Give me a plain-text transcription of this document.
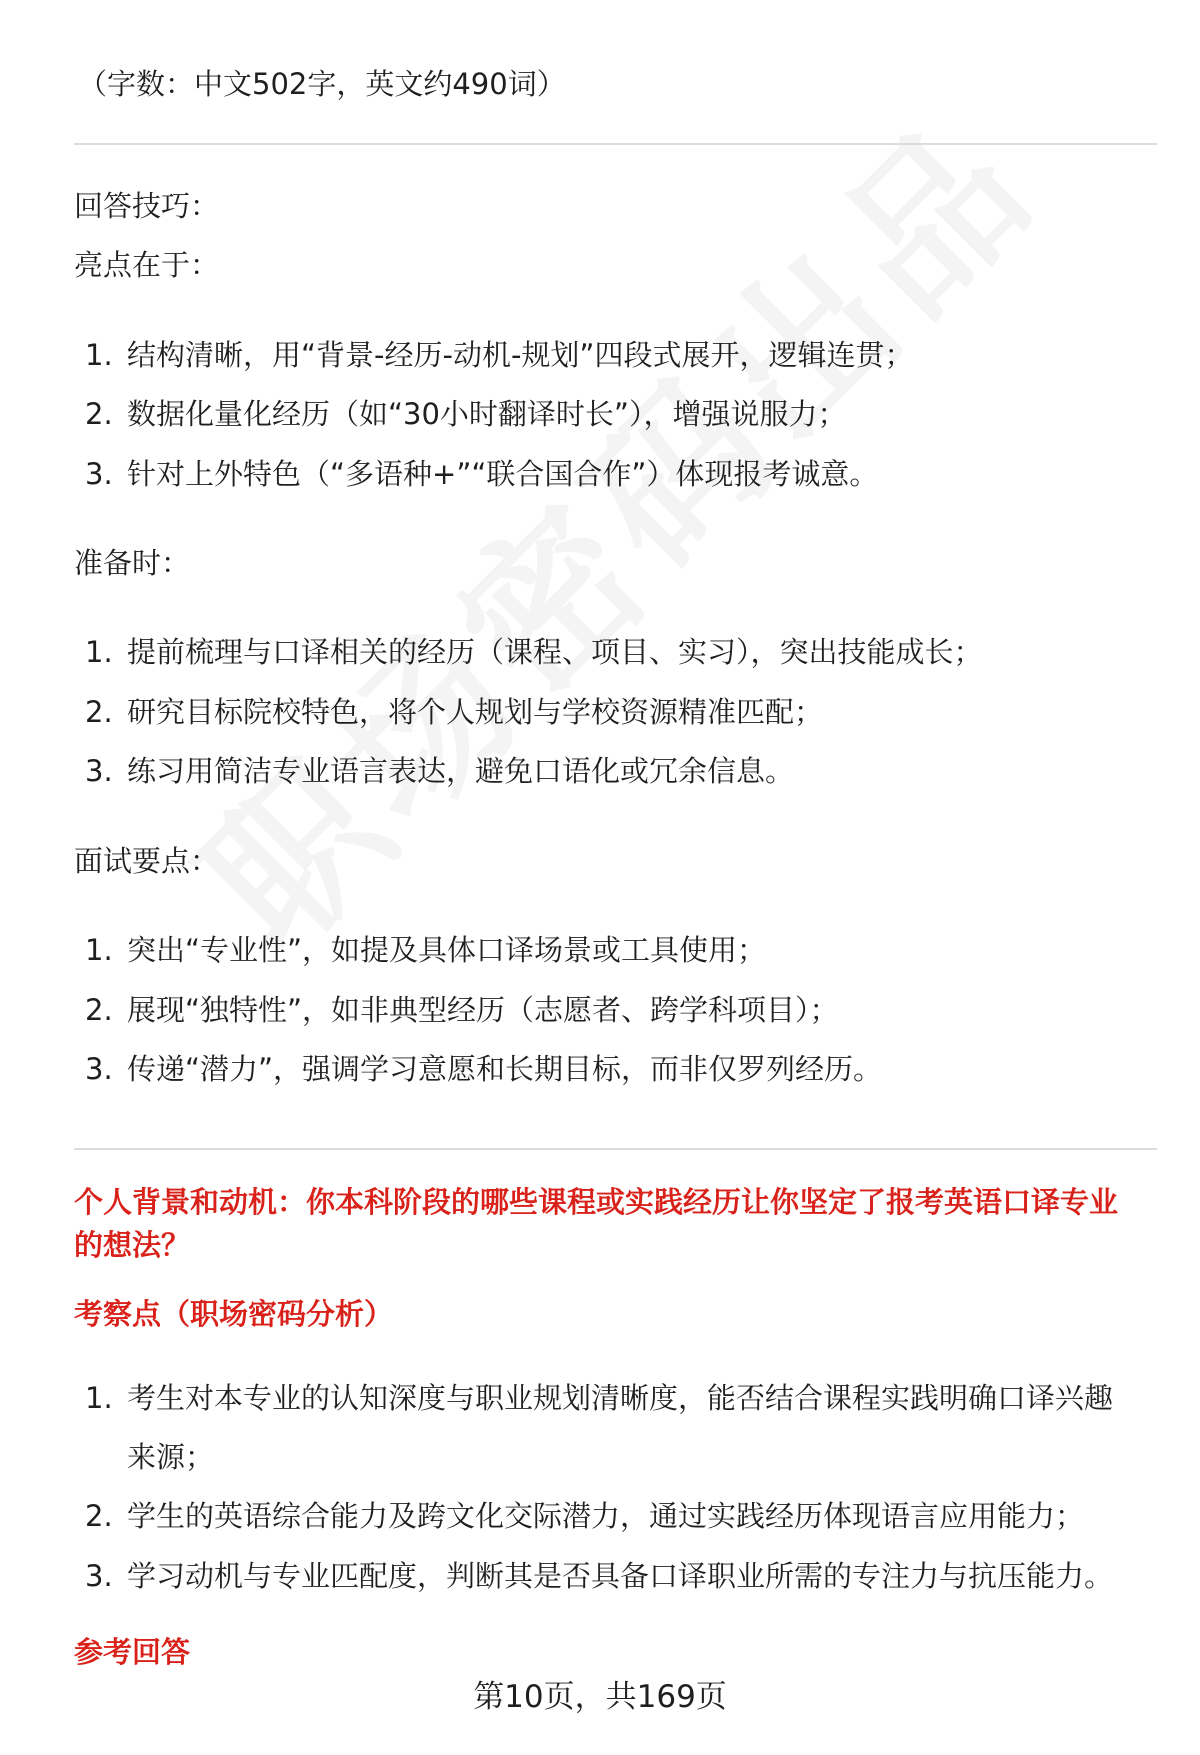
（字数：中文502字，英文约490词）
回答技巧：
亮点在于：
1. 结构清晰，用“背景-经历-动机-规划”四段式展开，逻辑连贯；
2. 数据化量化经历（如“30小时翻译时长”），增强说服力；
3. 针对上外特色（“多语种+”“联合国合作”）体现报考诚意。
准备时：
1. 提前梳理与口译相关的经历（课程、项目、实习），突出技能成长；
2. 研究目标院校特色，将个人规划与学校资源精准匹配；
3. 练习用简洁专业语言表达，避免口语化或冗余信息。
面试要点：
1. 突出“专业性”，如提及具体口译场景或工具使用；
2. 展现“独特性”，如非典型经历（志愿者、跨学科项目）；
3. 传递“潜力”，强调学习意愿和长期目标，而非仅罗列经历。
个人背景和动机：你本科阶段的哪些课程或实践经历让你坚定了报考英语口译专业
的想法？
考察点（职场密码分析）
1. 考生对本专业的认知深度与职业规划清晰度，能否结合课程实践明确口译兴趣
来源；
2. 学生的英语综合能力及跨文化交际潜力，通过实践经历体现语言应用能力；
3. 学习动机与专业匹配度，判断其是否具备口译职业所需的专注力与抗压能力。
参考回答
第10页，共169页
